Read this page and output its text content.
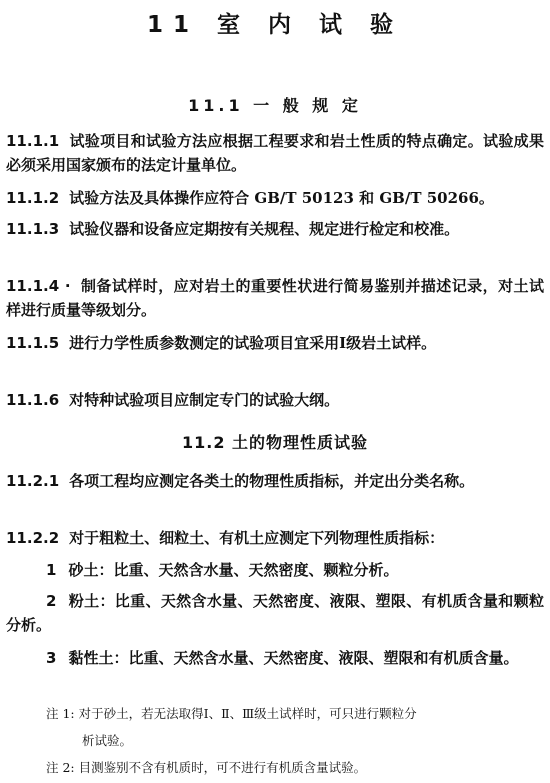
11 室 内 试 验
11.1 一 般 规 定
11.1.1 试验项目和试验方法应根据工程要求和岩土性质的特点确定。试验成果必须采用国家颁布的法定计量单位。
11.1.2 试验方法及具体操作应符合 GB/T 50123 和 GB/T 50266。
11.1.3 试验仪器和设备应定期按有关规程、规定进行检定和校准。
11.1.4 · 制备试样时，应对岩土的重要性状进行简易鉴别并描述记录，对土试样进行质量等级划分。
11.1.5 进行力学性质参数测定的试验项目宜采用Ⅰ级岩土试样。
11.1.6 对特种试验项目应制定专门的试验大纲。
11.2 土的物理性质试验
11.2.1 各项工程均应测定各类土的物理性质指标，并定出分类名称。
11.2.2 对于粗粒土、细粒土、有机土应测定下列物理性质指标：
1 砂土：比重、天然含水量、天然密度、颗粒分析。
2 粉土：比重、天然含水量、天然密度、液限、塑限、有机质含量和颗粒分析。
3 黏性土：比重、天然含水量、天然密度、液限、塑限和有机质含量。
注 1: 对于砂土，若无法取得Ⅰ、Ⅱ、Ⅲ级土试样时，可只进行颗粒分
析试验。
注 2: 目测鉴别不含有机质时，可不进行有机质含量试验。
